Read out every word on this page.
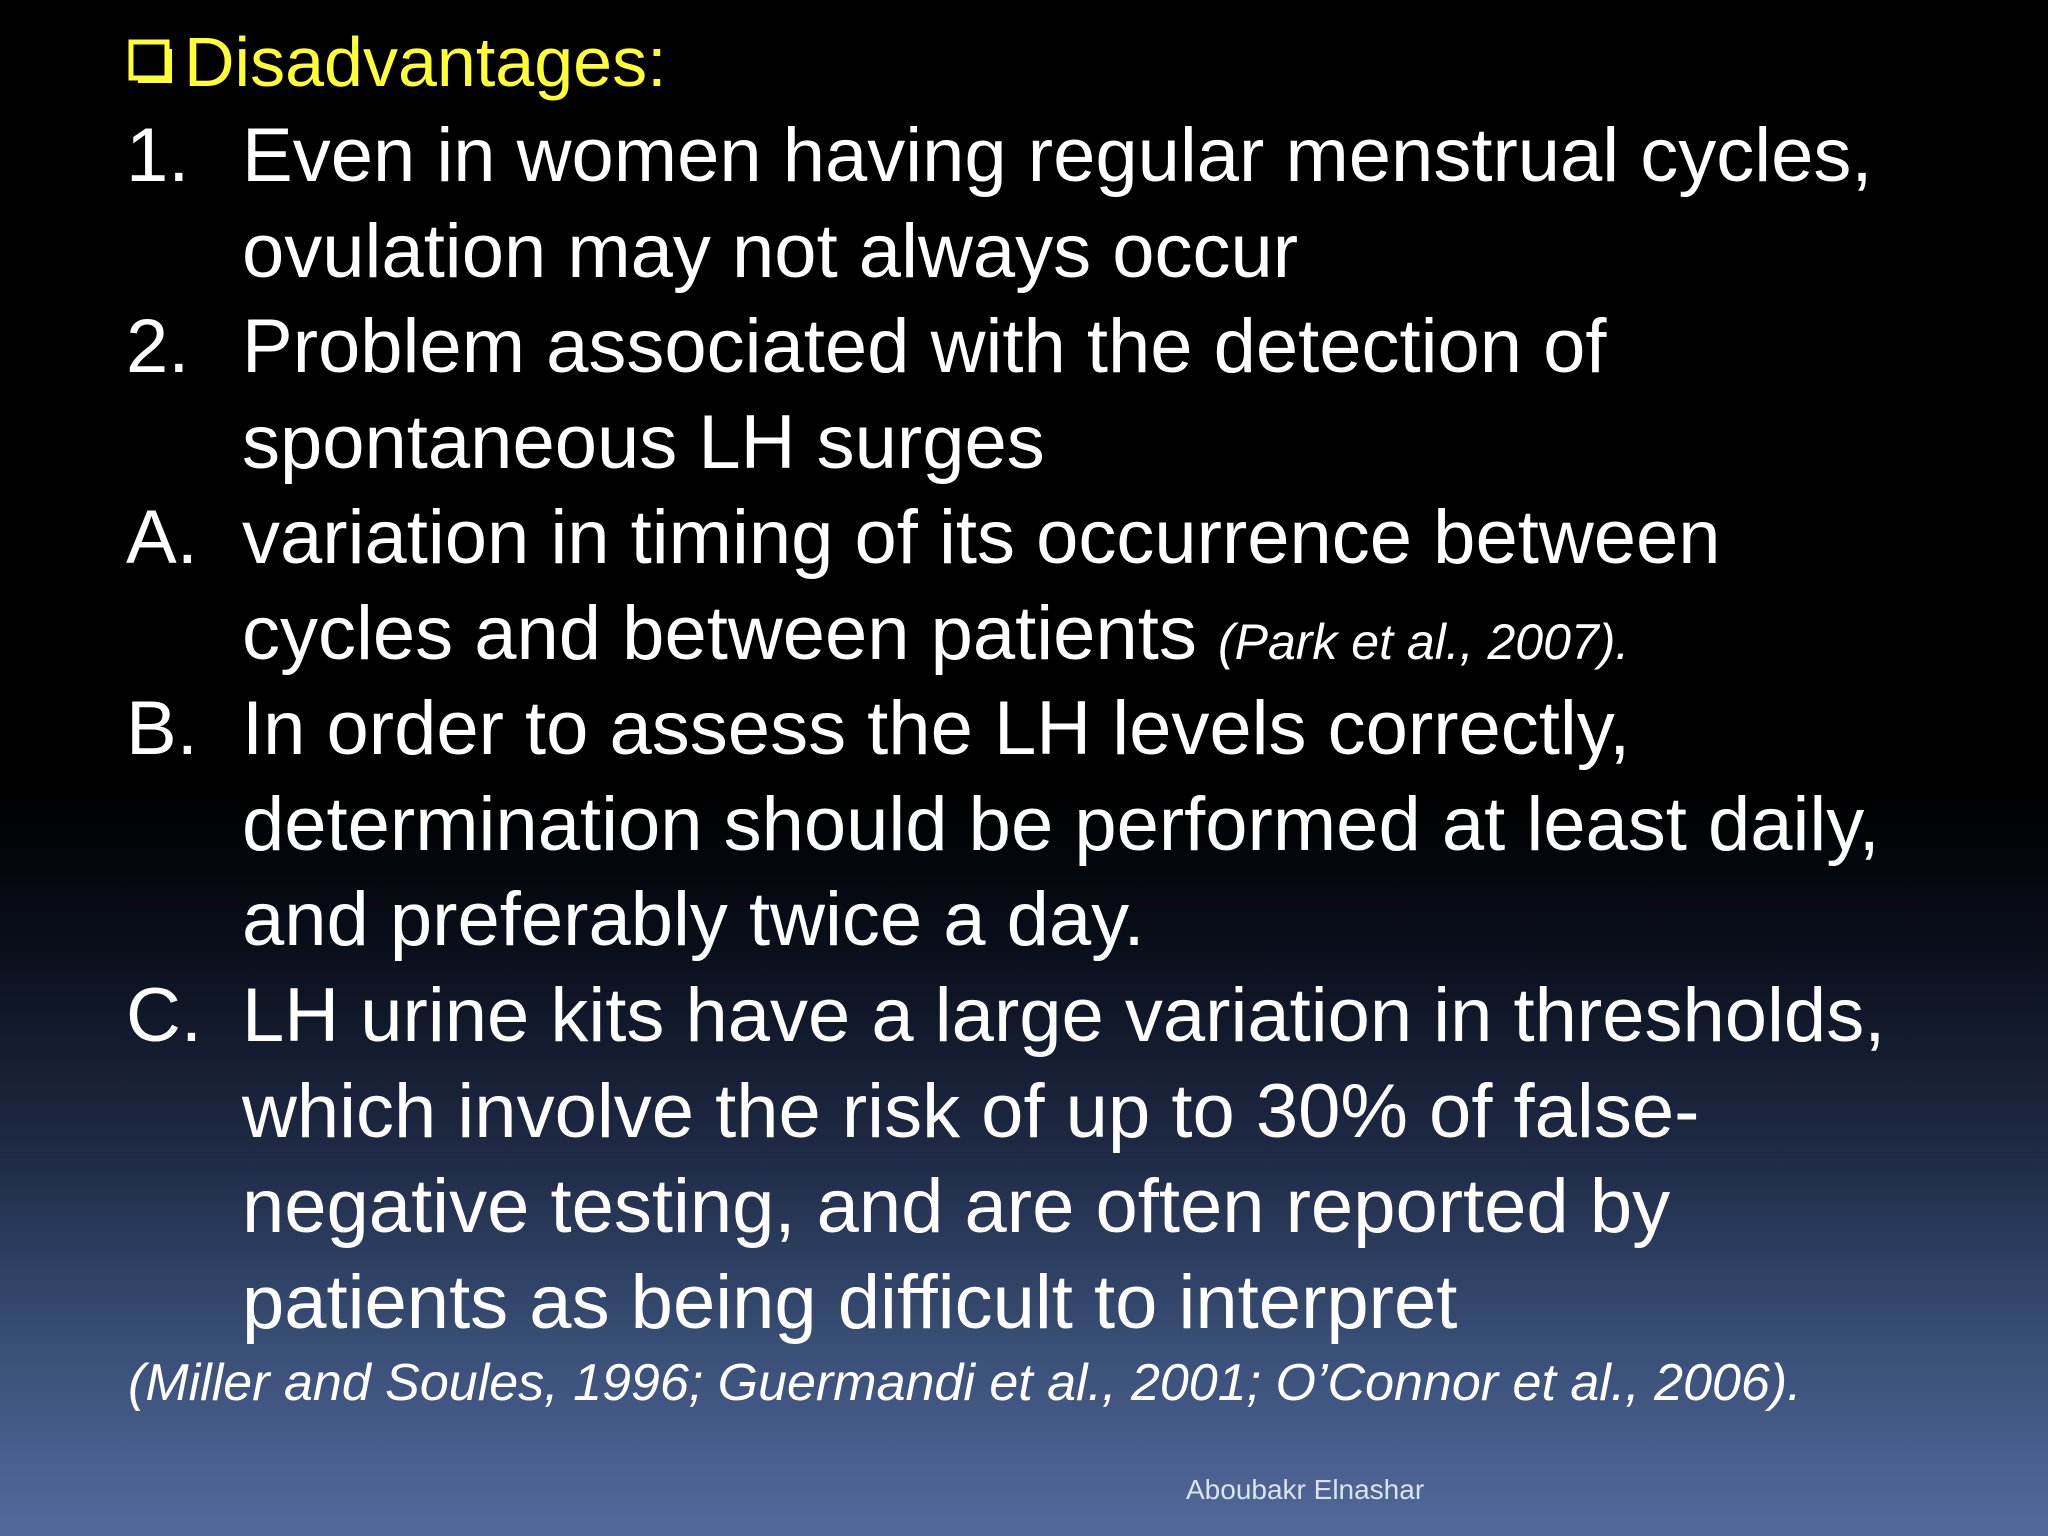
Disadvantages:
1. Even in women having regular menstrual cycles,
ovulation may not always occur
2. Problem associated with the detection of
spontaneous LH surges
A. variation in timing of its occurrence between
cycles and between patients (Park et al., 2007).
B. In order to assess the LH levels correctly,
determination should be performed at least daily,
and preferably twice a day.
C. LH urine kits have a large variation in thresholds,
which involve the risk of up to 30% of false-
negative testing, and are often reported by
patients as being difficult to interpret
(Miller and Soules, 1996; Guermandi et al., 2001; O’Connor et al., 2006).
Aboubakr Elnashar
